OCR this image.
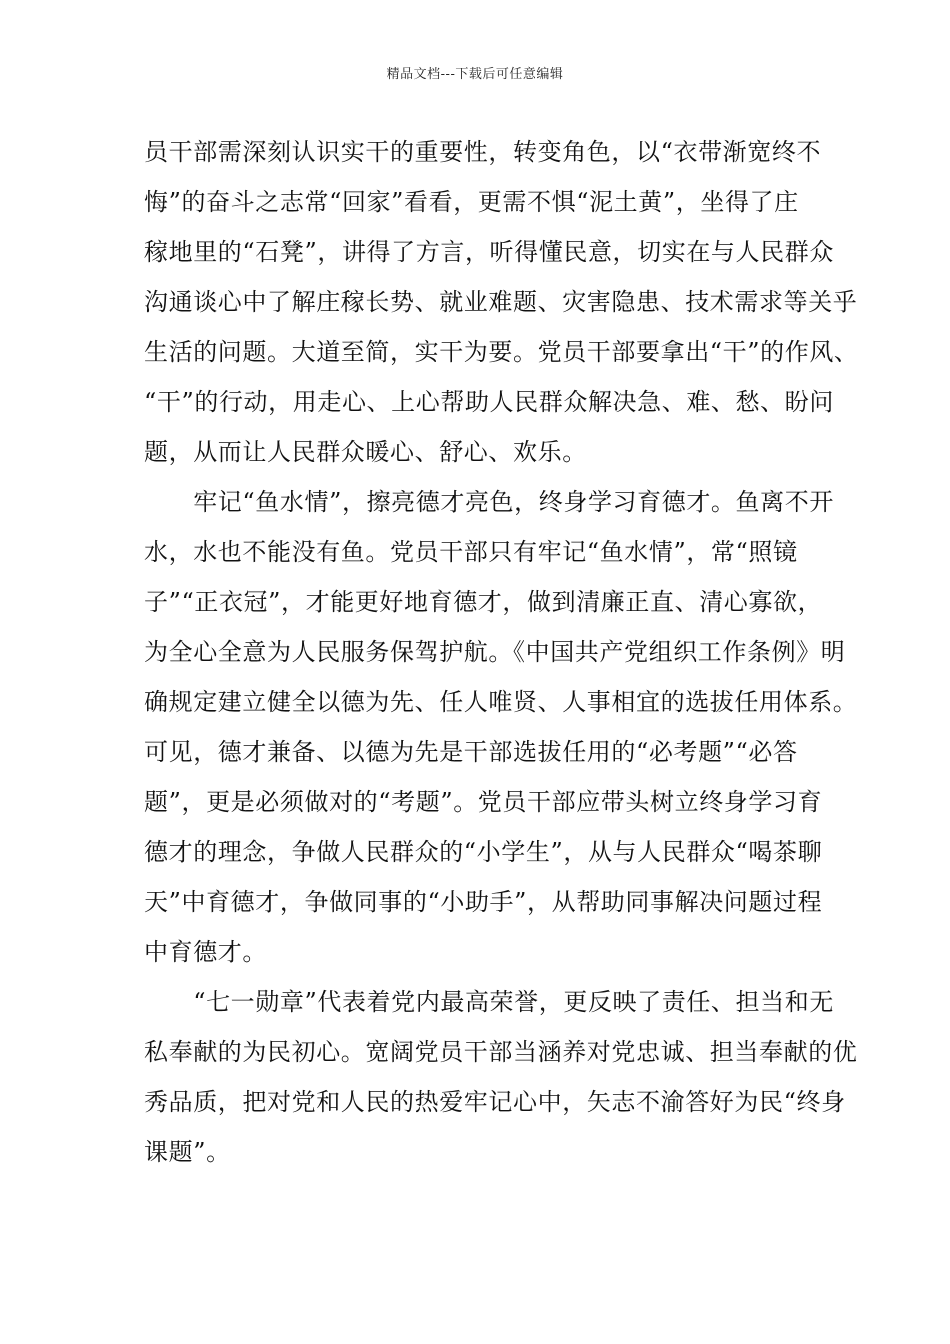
精品文档---下载后可任意编辑
员干部需深刻认识实干的重要性，转变角色，以“衣带渐宽终不
悔”的奋斗之志常“回家”看看，更需不惧“泥土黄”，坐得了庄
稼地里的“石凳”，讲得了方言，听得懂民意，切实在与人民群众
沟通谈心中了解庄稼长势、就业难题、灾害隐患、技术需求等关乎
生活的问题。大道至简，实干为要。党员干部要拿出“干”的作风、
“干”的行动，用走心、上心帮助人民群众解决急、难、愁、盼问
题，从而让人民群众暖心、舒心、欢乐。
　　牢记“鱼水情”，擦亮德才亮色，终身学习育德才。鱼离不开
水，水也不能没有鱼。党员干部只有牢记“鱼水情”，常“照镜
子”“正衣冠”，才能更好地育德才，做到清廉正直、清心寡欲，
为全心全意为人民服务保驾护航。《中国共产党组织工作条例》明
确规定建立健全以德为先、任人唯贤、人事相宜的选拔任用体系。
可见，德才兼备、以德为先是干部选拔任用的“必考题”“必答
题”，更是必须做对的“考题”。党员干部应带头树立终身学习育
德才的理念，争做人民群众的“小学生”，从与人民群众“喝茶聊
天”中育德才，争做同事的“小助手”，从帮助同事解决问题过程
中育德才。
　　“七一勋章”代表着党内最高荣誉，更反映了责任、担当和无
私奉献的为民初心。宽阔党员干部当涵养对党忠诚、担当奉献的优
秀品质，把对党和人民的热爱牢记心中，矢志不渝答好为民“终身
课题”。
